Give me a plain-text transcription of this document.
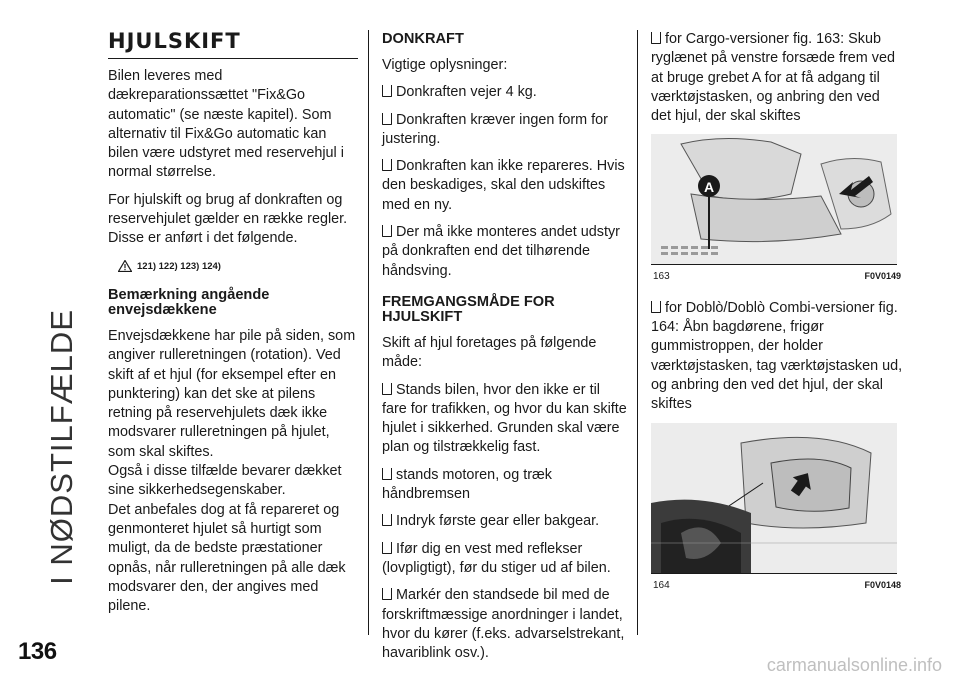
I NØDSTILFÆLDE
136
HJULSKIFT

Bilen leveres med dækreparationssættet "Fix&Go automatic" (se næste kapitel). Som alternativ til Fix&Go automatic kan bilen være udstyret med reservehjul i normal størrelse.

For hjulskift og brug af donkraften og reservehjulet gælder en række regler. Disse er anført i det følgende.

121) 122) 123) 124)
Bemærkning angående envejsdækkene

Envejsdækkene har pile på siden, som angiver rulleretningen (rotation). Ved skift af et hjul (for eksempel efter en punktering) kan det ske at pilens retning på reservehjulets dæk ikke modsvarer rulleretningen på hjulet, som skal skiftes.

Også i disse tilfælde bevarer dækket sine sikkerhedsegenskaber.

Det anbefales dog at få repareret og genmonteret hjulet så hurtigt som muligt, da de bedste præstationer opnås, når rulleretningen på alle dæk modsvarer den, der angives med pilene.

DONKRAFT

Vigtige oplysninger:

Donkraften vejer 4 kg.

Donkraften kræver ingen form for justering.

Donkraften kan ikke repareres. Hvis den beskadiges, skal den udskiftes med en ny.

Der må ikke monteres andet udstyr på donkraften end det tilhørende håndsving.

FREMGANGSMÅDE FOR HJULSKIFT

Skift af hjul foretages på følgende måde:

Stands bilen, hvor den ikke er til fare for trafikken, og hvor du kan skifte hjulet i sikkerhed. Grunden skal være plan og tilstrækkelig fast.

stands motoren, og træk håndbremsen

Indryk første gear eller bakgear.

Ifør dig en vest med reflekser (lovpligtigt), før du stiger ud af bilen.

Markér den standsede bil med de forskriftmæssige anordninger i landet, hvor du kører (f.eks. advarselstrekant, havariblink osv.).

for Cargo-versioner fig. 163: Skub ryglænet på venstre forsæde frem ved at bruge grebet A for at få adgang til værktøjstasken, og anbring den ved det hjul, der skal skiftes

A
163	F0V0149

for Doblò/Doblò Combi-versioner fig. 164: Åbn bagdørene, frigør gummistroppen, der holder værktøjstasken, tag værktøjstasken ud, og anbring den ved det hjul, der skal skiftes

164	F0V0148
carmanualsonline.info
